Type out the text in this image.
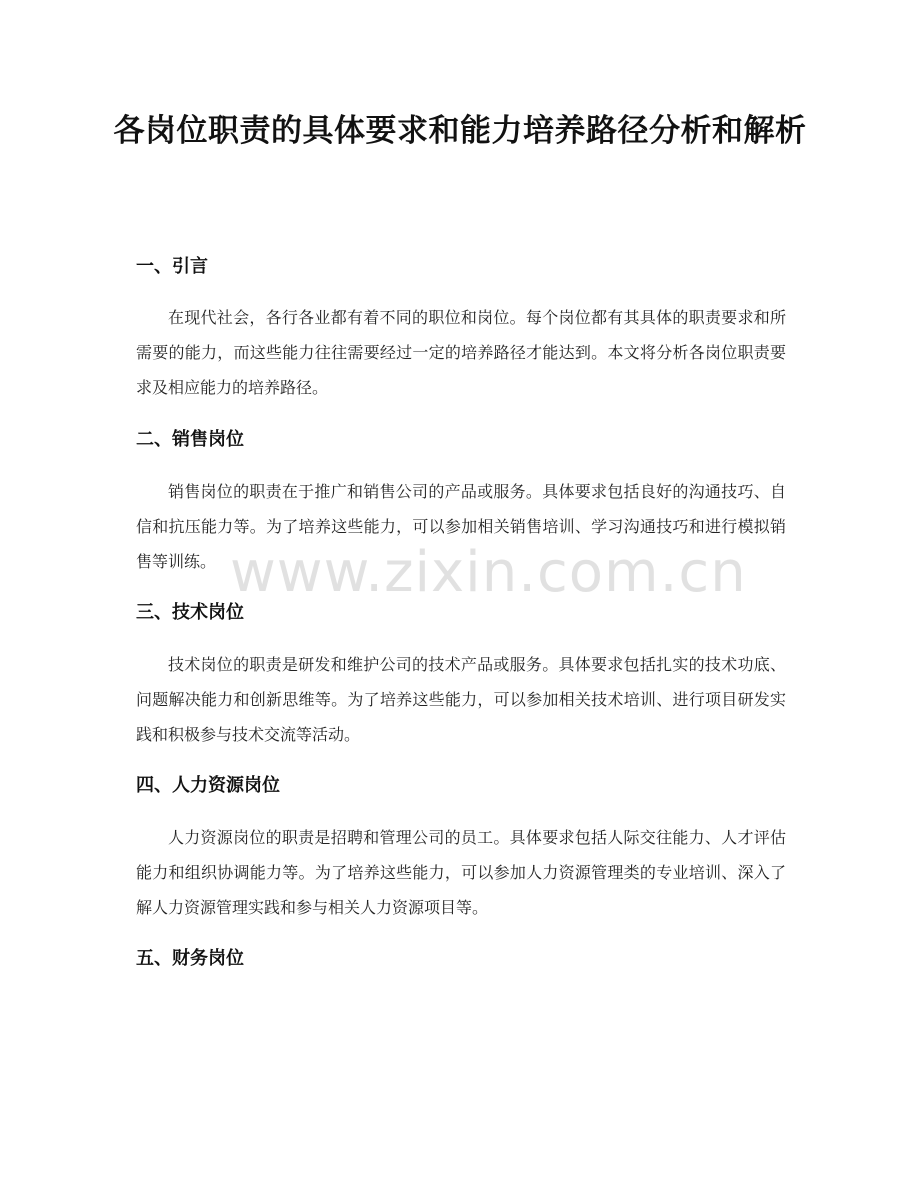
各岗位职责的具体要求和能力培养路径分析和解析
一、引言
在现代社会，各行各业都有着不同的职位和岗位。每个岗位都有其具体的职责要求和所需要的能力，而这些能力往往需要经过一定的培养路径才能达到。本文将分析各岗位职责要求及相应能力的培养路径。
二、销售岗位
销售岗位的职责在于推广和销售公司的产品或服务。具体要求包括良好的沟通技巧、自信和抗压能力等。为了培养这些能力，可以参加相关销售培训、学习沟通技巧和进行模拟销售等训练。
三、技术岗位
技术岗位的职责是研发和维护公司的技术产品或服务。具体要求包括扎实的技术功底、问题解决能力和创新思维等。为了培养这些能力，可以参加相关技术培训、进行项目研发实践和积极参与技术交流等活动。
四、人力资源岗位
人力资源岗位的职责是招聘和管理公司的员工。具体要求包括人际交往能力、人才评估能力和组织协调能力等。为了培养这些能力，可以参加人力资源管理类的专业培训、深入了解人力资源管理实践和参与相关人力资源项目等。
五、财务岗位
www.zixin.com.cn
